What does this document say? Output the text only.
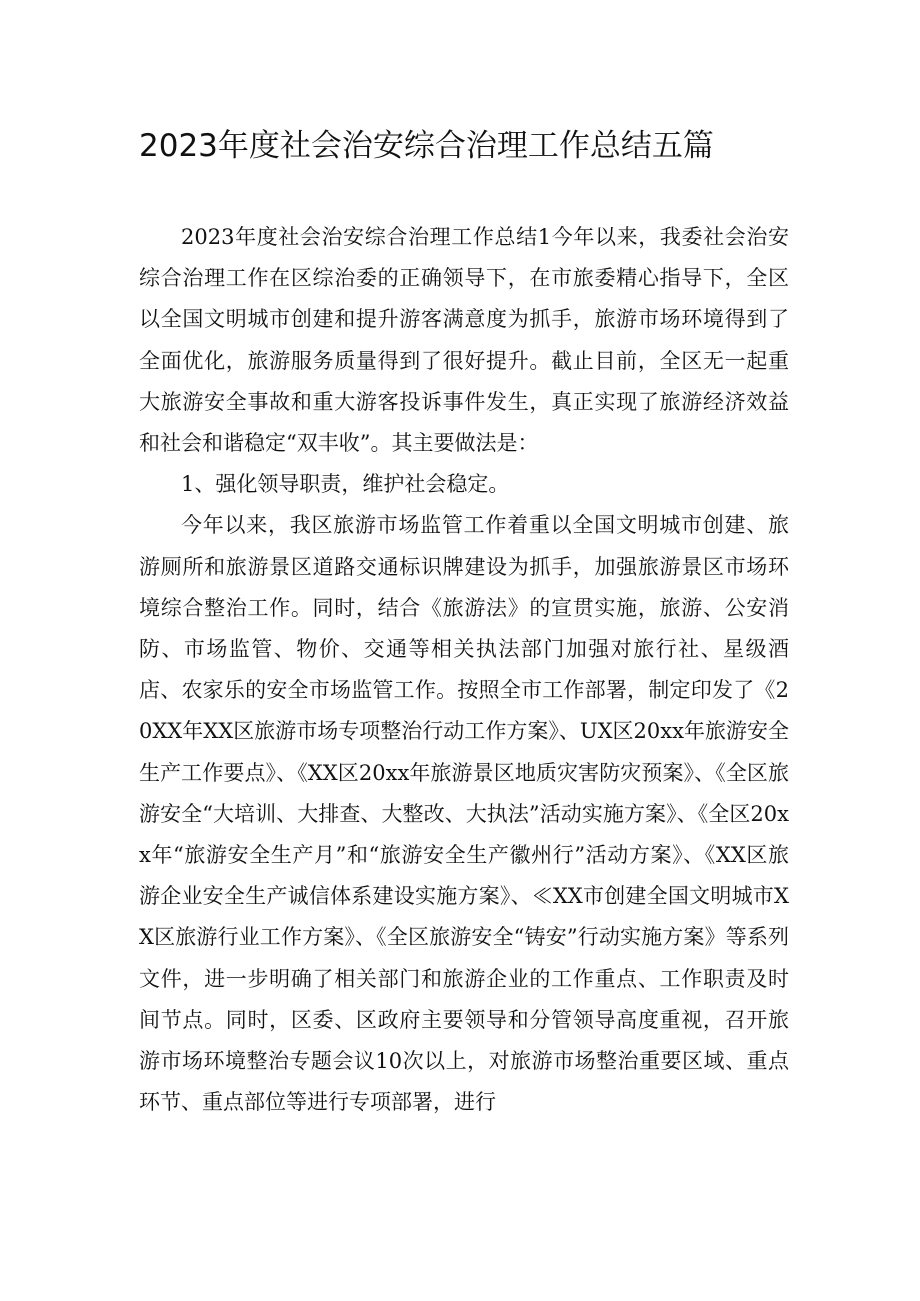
2023年度社会治安综合治理工作总结五篇

2023年度社会治安综合治理工作总结1今年以来，我委社会治安综合治理工作在区综治委的正确领导下，在市旅委精心指导下，全区以全国文明城市创建和提升游客满意度为抓手，旅游市场环境得到了全面优化，旅游服务质量得到了很好提升。截止目前，全区无一起重大旅游安全事故和重大游客投诉事件发生，真正实现了旅游经济效益和社会和谐稳定“双丰收”。其主要做法是：

1、强化领导职责，维护社会稳定。

今年以来，我区旅游市场监管工作着重以全国文明城市创建、旅游厕所和旅游景区道路交通标识牌建设为抓手，加强旅游景区市场环境综合整治工作。同时，结合《旅游法》的宣贯实施，旅游、公安消防、市场监管、物价、交通等相关执法部门加强对旅行社、星级酒店、农家乐的安全市场监管工作。按照全市工作部署，制定印发了《20XX年XX区旅游市场专项整治行动工作方案》、UX区20xx年旅游安全生产工作要点》、《XX区20xx年旅游景区地质灾害防灾预案》、《全区旅游安全“大培训、大排查、大整改、大执法”活动实施方案》、《全区20xx年“旅游安全生产月”和“旅游安全生产徽州行”活动方案》、《XX区旅游企业安全生产诚信体系建设实施方案》、≪XX市创建全国文明城市XX区旅游行业工作方案》、《全区旅游安全“铸安”行动实施方案》等系列文件，进一步明确了相关部门和旅游企业的工作重点、工作职责及时间节点。同时，区委、区政府主要领导和分管领导高度重视，召开旅游市场环境整治专题会议10次以上，对旅游市场整治重要区域、重点环节、重点部位等进行专项部署，进行
